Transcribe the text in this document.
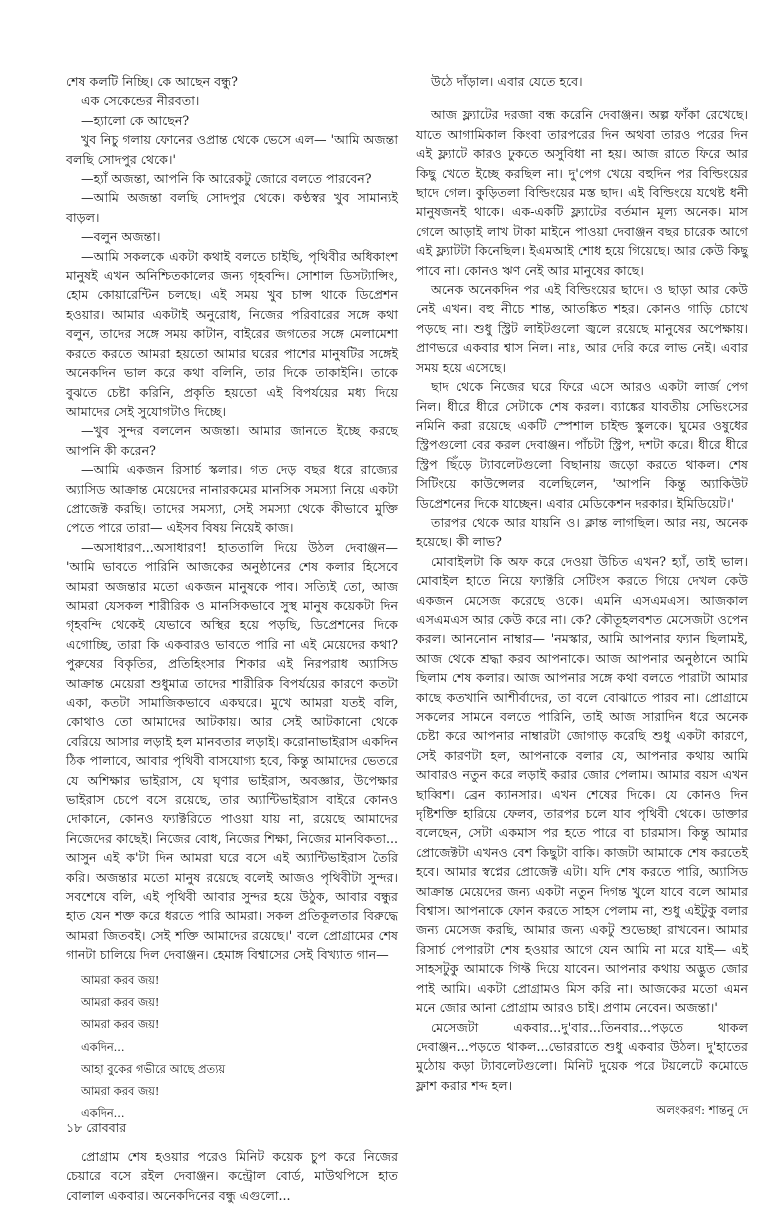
শেষ কলটি নিচ্ছি। কে আছেন বন্ধু?

এক সেকেন্ডের নীরবতা।

—হ্যালো কে আছেন?

খুব নিচু গলায় ফোনের ওপ্রান্ত থেকে ভেসে এল— 'আমি অজন্তা বলছি সোদপুর থেকে।'

—হ্যাঁ অজন্তা, আপনি কি আরেকটু জোরে বলতে পারবেন?

—আমি অজন্তা বলছি সোদপুর থেকে। কণ্ঠস্বর খুব সামান্যই বাড়ল।

—বলুন অজন্তা।

—আমি সকলকে একটা কথাই বলতে চাইছি, পৃথিবীর অধিকাংশ মানুষই এখন অনিশ্চিতকালের জন্য গৃহবন্দি। সোশাল ডিসট্যান্সিং, হোম কোয়ারেন্টিন চলছে। এই সময় খুব চান্স থাকে ডিপ্রেশন হওয়ার। আমার একটাই অনুরোধ, নিজের পরিবারের সঙ্গে কথা বলুন, তাদের সঙ্গে সময় কাটান, বাইরের জগতের সঙ্গে মেলামেশা করতে করতে আমরা হয়তো আমার ঘরের পাশের মানুষটির সঙ্গেই অনেকদিন ভাল করে কথা বলিনি, তার দিকে তাকাইনি। তাকে বুঝতে চেষ্টা করিনি, প্রকৃতি হয়তো এই বিপর্যয়ের মধ্য দিয়ে আমাদের সেই সুযোগটাও দিচ্ছে।

—খুব সুন্দর বললেন অজন্তা। আমার জানতে ইচ্ছে করছে আপনি কী করেন?

—আমি একজন রিসার্চ স্কলার। গত দেড় বছর ধরে রাজ্যের অ্যাসিড আক্রান্ত মেয়েদের নানারকমের মানসিক সমস্যা নিয়ে একটা প্রোজেক্ট করছি। তাদের সমস্যা, সেই সমস্যা থেকে কীভাবে মুক্তি পেতে পারে তারা— এইসব বিষয় নিয়েই কাজ।

—অসাধারণ...অসাধারণ! হাততালি দিয়ে উঠল দেবাঞ্জন— 'আমি ভাবতে পারিনি আজকের অনুষ্ঠানের শেষ কলার হিসেবে আমরা অজন্তার মতো একজন মানুষকে পাব। সত্যিই তো, আজ আমরা যেসকল শারীরিক ও মানসিকভাবে সুস্থ মানুষ কয়েকটা দিন গৃহবন্দি থেকেই যেভাবে অস্থির হয়ে পড়ছি, ডিপ্রেশনের দিকে এগোচ্ছি, তারা কি একবারও ভাবতে পারি না এই মেয়েদের কথা? পুরুষের বিকৃতির, প্রতিহিংসার শিকার এই নিরপরাধ অ্যাসিড আক্রান্ত মেয়েরা শুধুমাত্র তাদের শারীরিক বিপর্যয়ের কারণে কতটা একা, কতটা সামাজিকভাবে একঘরে। মুখে আমরা যতই বলি, কোথাও তো আমাদের আটকায়। আর সেই আটকানো থেকে বেরিয়ে আসার লড়াই হল মানবতার লড়াই। করোনাভাইরাস একদিন ঠিক পালাবে, আবার পৃথিবী বাসযোগ্য হবে, কিন্তু আমাদের ভেতরে যে অশিক্ষার ভাইরাস, যে ঘৃণার ভাইরাস, অবজ্ঞার, উপেক্ষার ভাইরাস চেপে বসে রয়েছে, তার অ্যান্টিভাইরাস বাইরে কোনও দোকানে, কোনও ফ্যাক্টরিতে পাওয়া যায় না, রয়েছে আমাদের নিজেদের কাছেই। নিজের বোধ, নিজের শিক্ষা, নিজের মানবিকতা... আসুন এই ক'টা দিন আমরা ঘরে বসে এই অ্যান্টিভাইরাস তৈরি করি। অজন্তার মতো মানুষ রয়েছে বলেই আজও পৃথিবীটা সুন্দর। সবশেষে বলি, এই পৃথিবী আবার সুন্দর হয়ে উঠুক, আবার বন্ধুর হাত যেন শক্ত করে ধরতে পারি আমরা। সকল প্রতিকূলতার বিরুদ্ধে আমরা জিতবই। সেই শক্তি আমাদের রয়েছে।' বলে প্রোগ্রামের শেষ গানটা চালিয়ে দিল দেবাঞ্জন। হেমাঙ্গ বিশ্বাসের সেই বিখ্যাত গান—

আমরা করব জয়!
আমরা করব জয়!
আমরা করব জয়!
একদিন...
আহা বুকের গভীরে আছে প্রত্যয়
আমরা করব জয়!
একদিন...

প্রোগ্রাম শেষ হওয়ার পরেও মিনিট কয়েক চুপ করে নিজের চেয়ারে বসে রইল দেবাঞ্জন। কন্ট্রোল বোর্ড, মাউথপিসে হাত বোলাল একবার। অনেকদিনের বন্ধু এগুলো...

উঠে দাঁড়াল। এবার যেতে হবে।

আজ ফ্ল্যাটের দরজা বন্ধ করেনি দেবাঞ্জন। অল্প ফাঁকা রেখেছে। যাতে আগামিকাল কিংবা তারপরের দিন অথবা তারও পরের দিন এই ফ্ল্যাটে কারও ঢুকতে অসুবিধা না হয়। আজ রাতে ফিরে আর কিছু খেতে ইচ্ছে করছিল না। দু'পেগ খেয়ে বহুদিন পর বিল্ডিংয়ের ছাদে গেল। কুড়িতলা বিল্ডিংয়ের মস্ত ছাদ। এই বিল্ডিংয়ে যথেষ্ট ধনী মানুষজনই থাকে। এক-একটি ফ্ল্যাটের বর্তমান মূল্য অনেক। মাস গেলে আড়াই লাখ টাকা মাইনে পাওয়া দেবাঞ্জন বছর চারেক আগে এই ফ্ল্যাটটা কিনেছিল। ইএমআই শোধ হয়ে গিয়েছে। আর কেউ কিছু পাবে না। কোনও ঋণ নেই আর মানুষের কাছে।

অনেক অনেকদিন পর এই বিল্ডিংয়ের ছাদে। ও ছাড়া আর কেউ নেই এখন। বহু নীচে শান্ত, আতঙ্কিত শহর। কোনও গাড়ি চোখে পড়ছে না। শুধু স্ট্রিট লাইটগুলো জ্বলে রয়েছে মানুষের অপেক্ষায়। প্রাণভরে একবার শ্বাস নিল। নাঃ, আর দেরি করে লাভ নেই। এবার সময় হয়ে এসেছে।

ছাদ থেকে নিজের ঘরে ফিরে এসে আরও একটা লার্জ পেগ নিল। ধীরে ধীরে সেটাকে শেষ করল। ব্যাঙ্কের যাবতীয় সেভিংসের নমিনি করা রয়েছে একটি স্পেশাল চাইল্ড স্কুলকে। ঘুমের ওষুধের স্ট্রিপগুলো বের করল দেবাঞ্জন। পাঁচটা স্ট্রিপ, দশটা করে। ধীরে ধীরে স্ট্রিপ ছিঁড়ে ট্যাবলেটগুলো বিছানায় জড়ো করতে থাকল। শেষ সিটিংয়ে কাউন্সেলর বলেছিলেন, 'আপনি কিন্তু অ্যাকিউট ডিপ্রেশনের দিকে যাচ্ছেন। এবার মেডিকেশন দরকার। ইমিডিয়েট।'

তারপর থেকে আর যায়নি ও। ক্লান্ত লাগছিল। আর নয়, অনেক হয়েছে। কী লাভ?

মোবাইলটা কি অফ করে দেওয়া উচিত এখন? হ্যাঁ, তাই ভাল। মোবাইল হাতে নিয়ে ফ্যাক্টরি সেটিংস করতে গিয়ে দেখল কেউ একজন মেসেজ করেছে ওকে। এমনি এসএমএস। আজকাল এসএমএস আর কেউ করে না। কে? কৌতূহলবশত মেসেজটা ওপেন করল। আননোন নাম্বার— 'নমস্কার, আমি আপনার ফ্যান ছিলামই, আজ থেকে শ্রদ্ধা করব আপনাকে। আজ আপনার অনুষ্ঠানে আমি ছিলাম শেষ কলার। আজ আপনার সঙ্গে কথা বলতে পারাটা আমার কাছে কতখানি আশীর্বাদের, তা বলে বোঝাতে পারব না। প্রোগ্রামে সকলের সামনে বলতে পারিনি, তাই আজ সারাদিন ধরে অনেক চেষ্টা করে আপনার নাম্বারটা জোগাড় করেছি শুধু একটা কারণে, সেই কারণটা হল, আপনাকে বলার যে, আপনার কথায় আমি আবারও নতুন করে লড়াই করার জোর পেলাম। আমার বয়স এখন ছাব্বিশ। ব্রেন ক্যানসার। এখন শেষের দিকে। যে কোনও দিন দৃষ্টিশক্তি হারিয়ে ফেলব, তারপর চলে যাব পৃথিবী থেকে। ডাক্তার বলেছেন, সেটা একমাস পর হতে পারে বা চারমাস। কিন্তু আমার প্রোজেক্টটা এখনও বেশ কিছুটা বাকি। কাজটা আমাকে শেষ করতেই হবে। আমার স্বপ্নের প্রোজেক্ট এটা। যদি শেষ করতে পারি, অ্যাসিড আক্রান্ত মেয়েদের জন্য একটা নতুন দিগন্ত খুলে যাবে বলে আমার বিশ্বাস। আপনাকে ফোন করতে সাহস পেলাম না, শুধু এইটুকু বলার জন্য মেসেজ করছি, আমার জন্য একটু শুভেচ্ছা রাখবেন। আমার রিসার্চ পেপারটা শেষ হওয়ার আগে যেন আমি না মরে যাই— এই সাহসটুকু আমাকে গিফ্ট দিয়ে যাবেন। আপনার কথায় অদ্ভুত জোর পাই আমি। একটা প্রোগ্রামও মিস করি না। আজকের মতো এমন মনে জোর আনা প্রোগ্রাম আরও চাই। প্রণাম নেবেন। অজন্তা।'

মেসেজটা একবার...দু'বার...তিনবার...পড়তে থাকল দেবাঞ্জন...পড়তে থাকল...ভোররাতে শুধু একবার উঠল। দু'হাতের মুঠোয় কড়া ট্যাবলেটগুলো। মিনিট দুয়েক পরে টয়লেটে কমোডে ফ্লাশ করার শব্দ হল।

অলংকরণ: শান্তনু দে
১৮ রোববার
